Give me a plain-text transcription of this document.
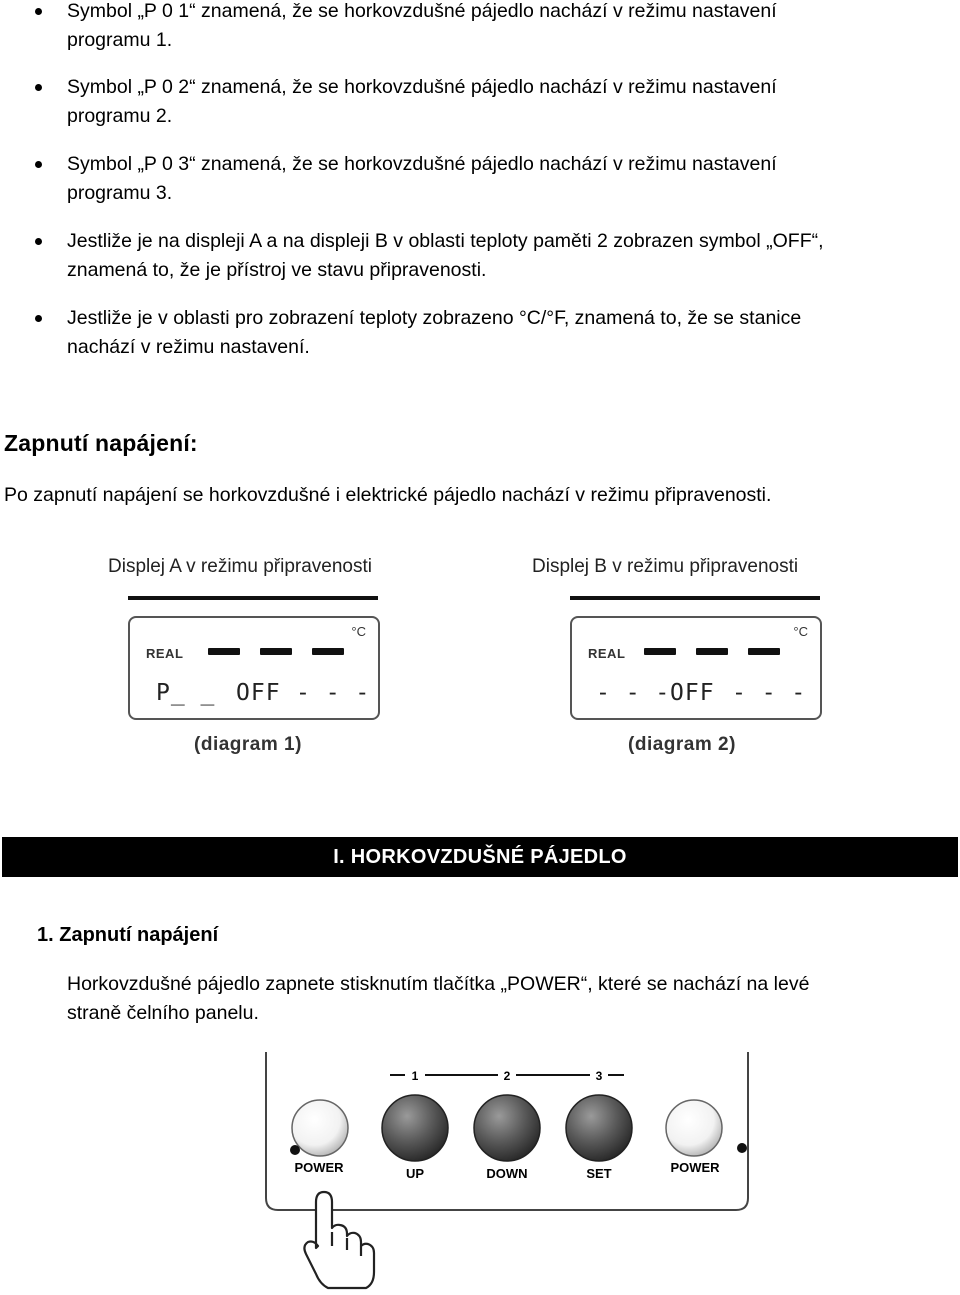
Symbol „P 0 1“ znamená, že se horkovzdušné pájedlo nachází v režimu nastavení
programu 1.
Symbol „P 0 2“ znamená, že se horkovzdušné pájedlo nachází v režimu nastavení
programu 2.
Symbol „P 0 3“ znamená, že se horkovzdušné pájedlo nachází v režimu nastavení
programu 3.
Jestliže je na displeji A a na displeji B v oblasti teploty paměti 2 zobrazen symbol „OFF“,
znamená to, že je přístroj ve stavu připravenosti.
Jestliže je v oblasti pro zobrazení teploty zobrazeno °C/°F, znamená to, že se stanice
nachází v režimu nastavení.
Zapnutí napájení:
Po zapnutí napájení se horkovzdušné i elektrické pájedlo nachází v režimu připravenosti.
Displej A v režimu připravenosti
°C
REAL
P_ _ OFF - - -
(diagram 1)
Displej B v režimu připravenosti
°C
REAL
- - - OFF - - -
(diagram 2)
I. HORKOVZDUŠNÉ PÁJEDLO
1. Zapnutí napájení
Horkovzdušné pájedlo zapnete stisknutím tlačítka „POWER“, které se nachází na levé
straně čelního panelu.
1	2	3
POWER	UP	DOWN	SET	POWER
